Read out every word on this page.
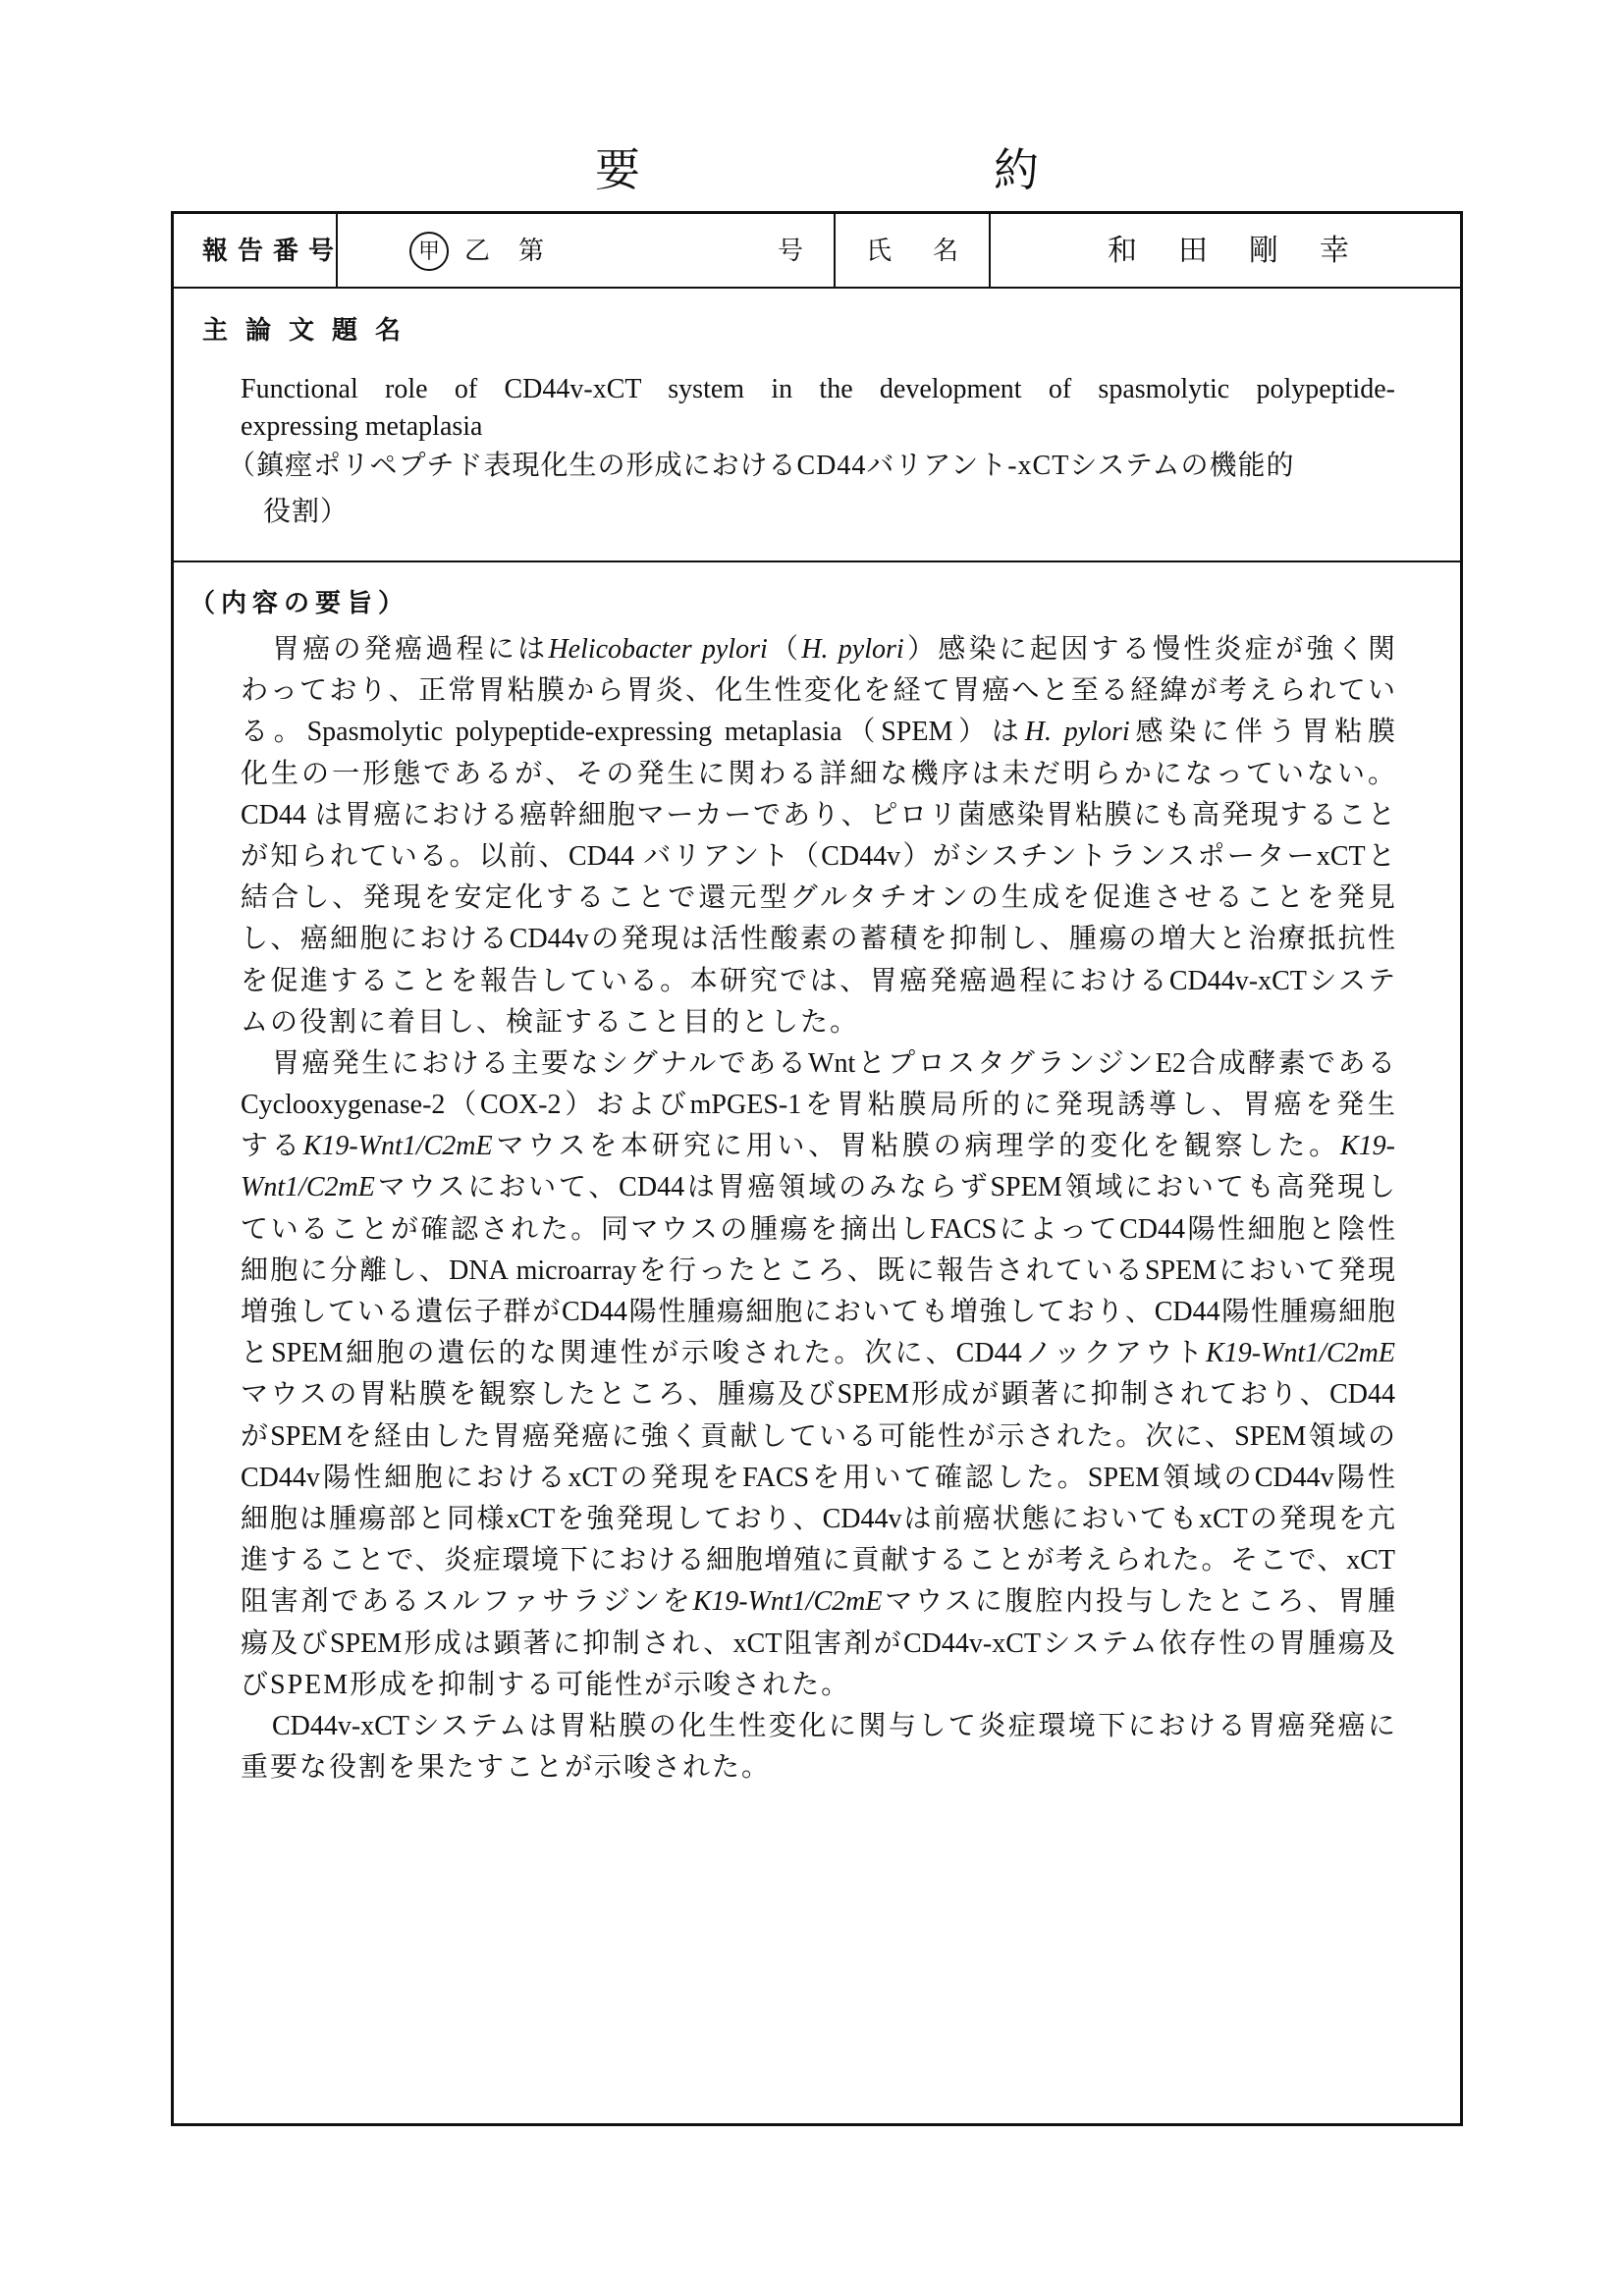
要約
報告番号	甲 乙 第	号 氏名	和田剛幸
主論文題名
Functional role of CD44v-xCT system in the development of spasmolytic polypeptide-
expressing metaplasia
（鎮痙ポリペプチド表現化生の形成におけるCD44バリアント-xCTシステムの機能的
役割）
（内容の要旨）
胃癌の発癌過程にはHelicobacter pylori（H. pylori）感染に起因する慢性炎症が強く関
わっており、正常胃粘膜から胃炎、化生性変化を経て胃癌へと至る経緯が考えられてい
る。Spasmolytic polypeptide-expressing metaplasia（SPEM）はH. pylori感染に伴う胃粘膜
化生の一形態であるが、その発生に関わる詳細な機序は未だ明らかになっていない。
CD44 は胃癌における癌幹細胞マーカーであり、ピロリ菌感染胃粘膜にも高発現すること
が知られている。以前、CD44 バリアント（CD44v）がシスチントランスポーターxCTと
結合し、発現を安定化することで還元型グルタチオンの生成を促進させることを発見
し、癌細胞におけるCD44vの発現は活性酸素の蓄積を抑制し、腫瘍の増大と治療抵抗性
を促進することを報告している。本研究では、胃癌発癌過程におけるCD44v-xCTシステ
ムの役割に着目し、検証すること目的とした。
胃癌発生における主要なシグナルであるWntとプロスタグランジンE2合成酵素である
Cyclooxygenase-2（COX-2）およびmPGES-1を胃粘膜局所的に発現誘導し、胃癌を発生
するK19-Wnt1/C2mEマウスを本研究に用い、胃粘膜の病理学的変化を観察した。K19-
Wnt1/C2mEマウスにおいて、CD44は胃癌領域のみならずSPEM領域においても高発現し
ていることが確認された。同マウスの腫瘍を摘出しFACSによってCD44陽性細胞と陰性
細胞に分離し、DNA microarrayを行ったところ、既に報告されているSPEMにおいて発現
増強している遺伝子群がCD44陽性腫瘍細胞においても増強しており、CD44陽性腫瘍細胞
とSPEM細胞の遺伝的な関連性が示唆された。次に、CD44ノックアウトK19-Wnt1/C2mE
マウスの胃粘膜を観察したところ、腫瘍及びSPEM形成が顕著に抑制されており、CD44
がSPEMを経由した胃癌発癌に強く貢献している可能性が示された。次に、SPEM領域の
CD44v陽性細胞におけるxCTの発現をFACSを用いて確認した。SPEM領域のCD44v陽性
細胞は腫瘍部と同様xCTを強発現しており、CD44vは前癌状態においてもxCTの発現を亢
進することで、炎症環境下における細胞増殖に貢献することが考えられた。そこで、xCT
阻害剤であるスルファサラジンをK19-Wnt1/C2mEマウスに腹腔内投与したところ、胃腫
瘍及びSPEM形成は顕著に抑制され、xCT阻害剤がCD44v-xCTシステム依存性の胃腫瘍及
びSPEM形成を抑制する可能性が示唆された。
CD44v-xCTシステムは胃粘膜の化生性変化に関与して炎症環境下における胃癌発癌に
重要な役割を果たすことが示唆された。
